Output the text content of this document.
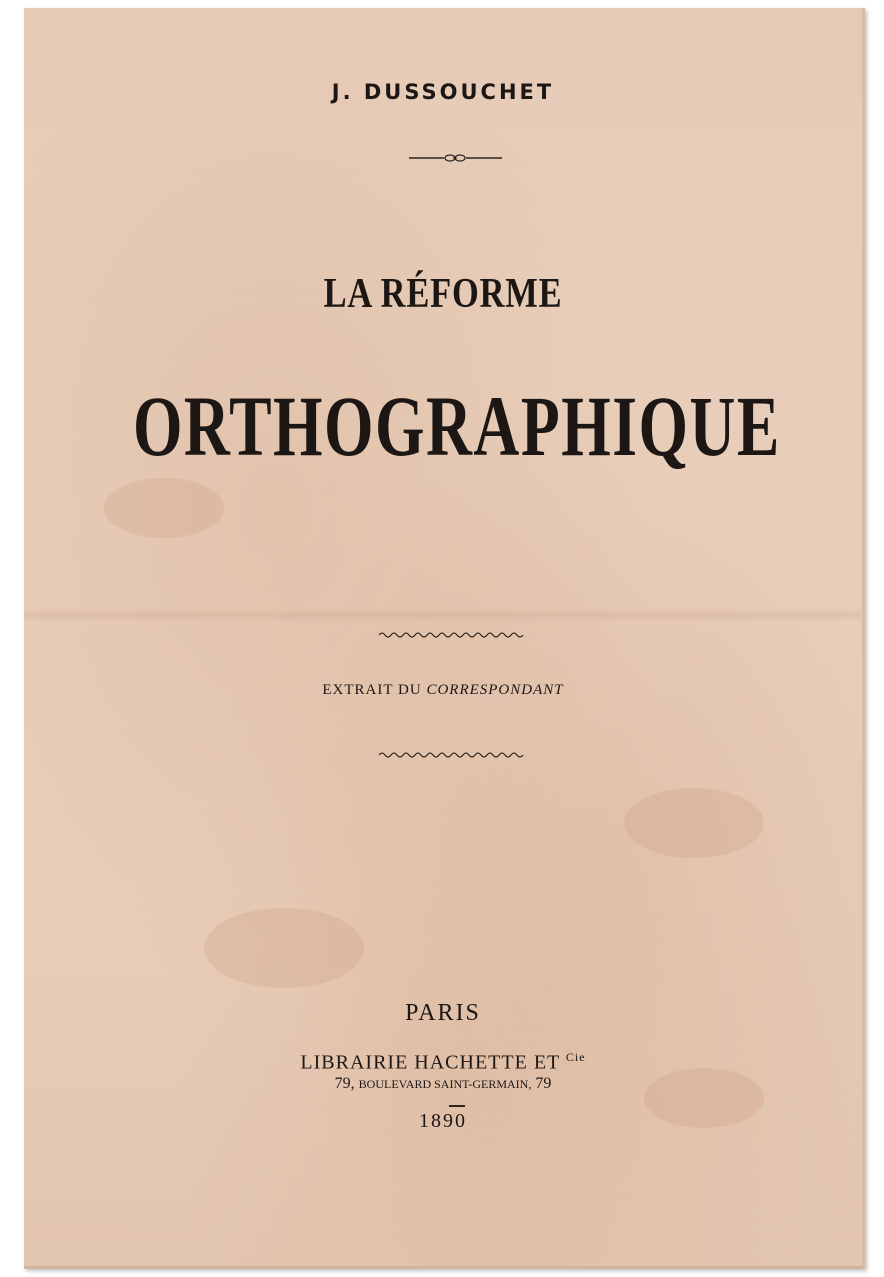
J. DUSSOUCHET
LA RÉFORME
ORTHOGRAPHIQUE
EXTRAIT DU CORRESPONDANT
PARIS
LIBRAIRIE HACHETTE ET $^{Cie}$
79, BOULEVARD SAINT-GERMAIN, 79
1890
